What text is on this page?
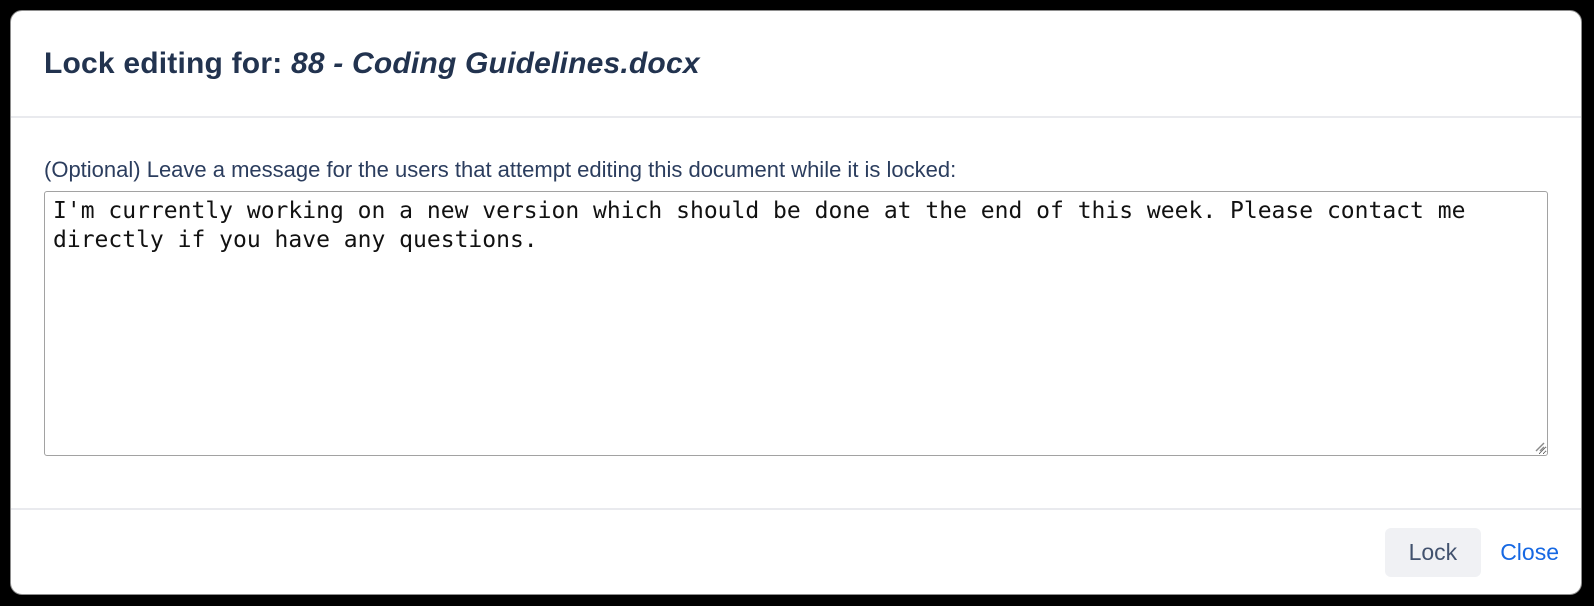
Lock editing for: 88 - Coding Guidelines.docx
(Optional) Leave a message for the users that attempt editing this document while it is locked:
I'm currently working on a new version which should be done at the end of this week. Please contact me directly if you have any questions.
Lock	Close
